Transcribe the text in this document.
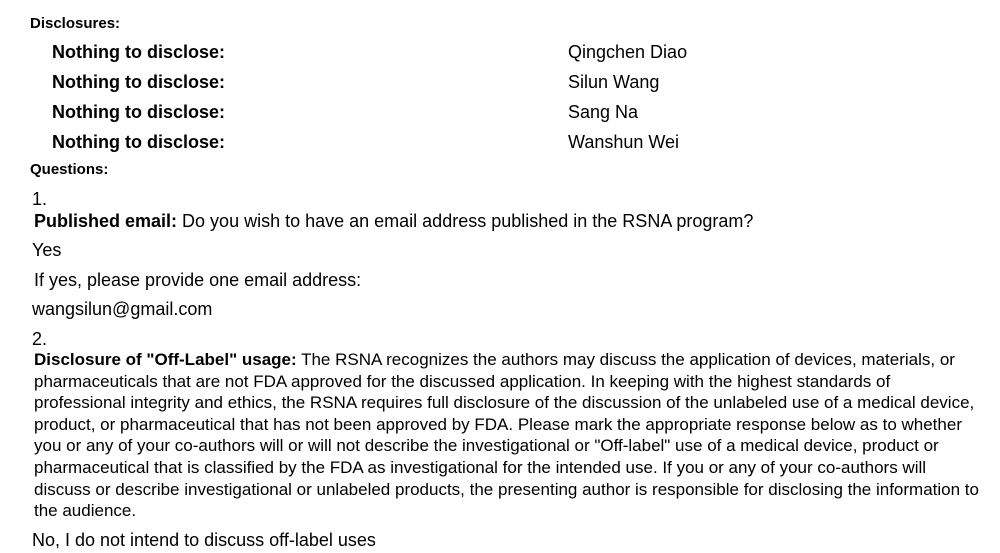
Disclosures:
Nothing to disclose:	Qingchen Diao
Nothing to disclose:	Silun Wang
Nothing to disclose:	Sang Na
Nothing to disclose:	Wanshun Wei
Questions:
1.
Published email: Do you wish to have an email address published in the RSNA program?
Yes
If yes, please provide one email address:
wangsilun@gmail.com
2.
Disclosure of "Off-Label" usage: The RSNA recognizes the authors may discuss the application of devices, materials, or pharmaceuticals that are not FDA approved for the discussed application. In keeping with the highest standards of professional integrity and ethics, the RSNA requires full disclosure of the discussion of the unlabeled use of a medical device, product, or pharmaceutical that has not been approved by FDA. Please mark the appropriate response below as to whether you or any of your co-authors will or will not describe the investigational or "Off-label" use of a medical device, product or pharmaceutical that is classified by the FDA as investigational for the intended use. If you or any of your co-authors will discuss or describe investigational or unlabeled products, the presenting author is responsible for disclosing the information to the audience.
No, I do not intend to discuss off-label uses
